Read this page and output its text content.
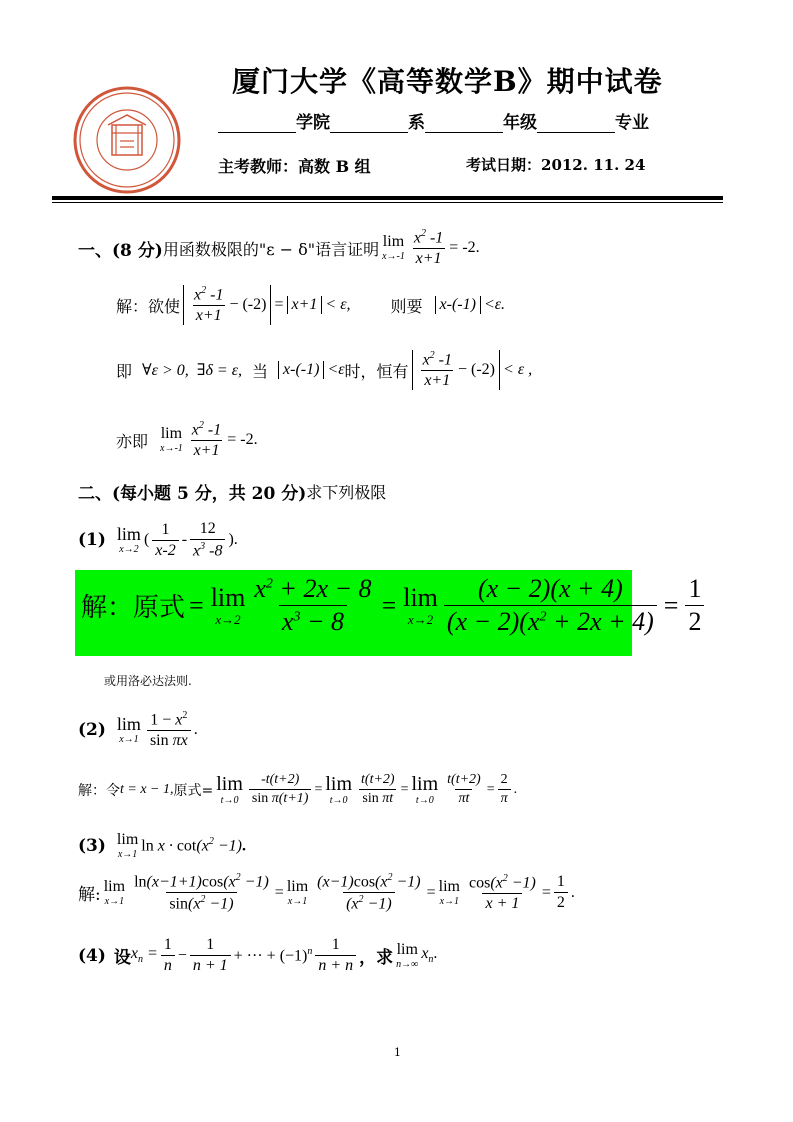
厦门大学《高等数学B》期中试卷
学院	系	年级	专业
主考教师：高数 B 组	考试日期：2012. 11. 24
一、(8 分) 用函数极限的"ε − δ"语言证明 lim
$x\to-1 \frac{x^2 -1}{x+1} = -2$.
解：欲使 $\frac{x^2 -1}{x+1} - (-2) = x+1 < \varepsilon$,	则要	x-(-1) <ε.
即 ∀ε > 0,  ∃δ = ε, 当 x-(-1) <ε 时，恒有 $\frac{x^2 -1}{x+1} - (-2) < \varepsilon$ ,
亦即 lim
$x\to-1 \frac{x^2 -1}{x+1} = -2$.
二、(每小题 5 分，共 20 分) 求下列极限
(1) lim
x→2
( $\frac{1}{x-2} - \frac{12}{x^3 -8}$ ).
解：原式 = lim
$x\to 2 \frac{x^2 + 2x - 8}{x^3 - 8} = \lim$
$x\to 2 \frac{(x - 2)(x + 4)}{(x - 2)(x^2 + 2x + 4)} = \frac{1}{2}$
或用洛必达法则.
(2) lim
$x\to 1 \frac{1 - x^2}{\text{sin πx}}$ .
解：令 t = x − 1, 原式= lim
$t\to 0 \frac{-t(t+2)}{\text{sin π(t+1)}} = \lim$
$t\to 0 \frac{t(t+2)}{\text{sin πt}} = \lim$
$t\to 0 \frac{t(t+2)}{\pi t} = \frac{2}{\pi}$ .
(3) lim
x→1 $\ln x \cdot \cot(x^2 -1)$.
解: lim
$x\to 1 \frac{\ln(x-1+1)\cos(x^2 -1)}{\sin(x^2 -1)} = \lim$
$x\to 1 \frac{(x-1)\cos(x^2 -1)}{(x^2 -1)} = \lim$
$x\to 1 \frac{\cos(x^2 -1)}{x + 1} = \frac{1}{2}$ .
(4) 设 $x_n = \frac{1}{n} - \frac{1}{n + 1}$ + ··· + $(-1)^n \frac{1}{n + n}$ ，求 lim
n→∞
$x_n$.
1
